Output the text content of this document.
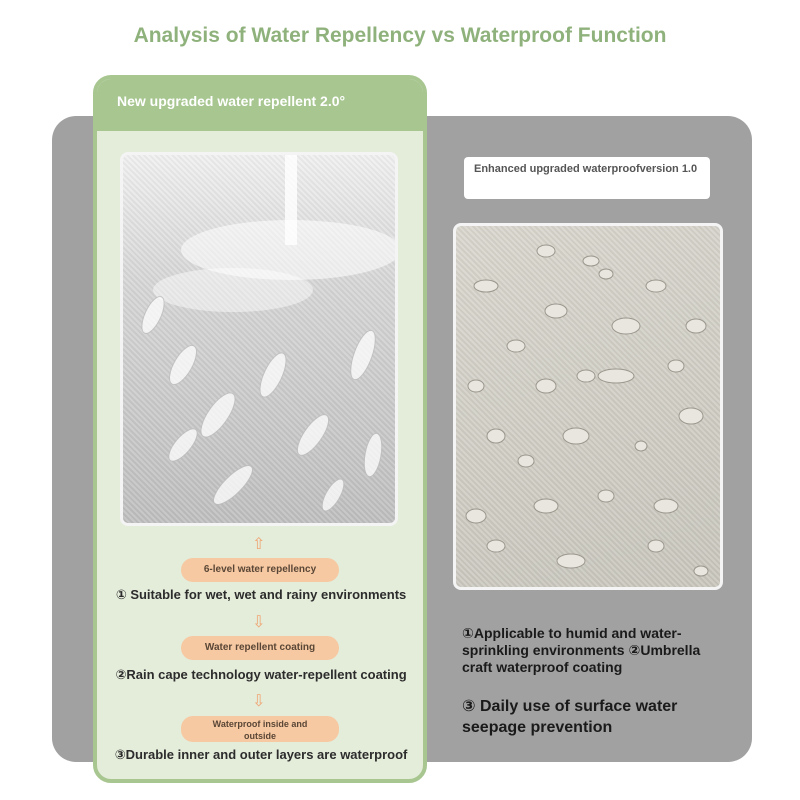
Analysis of Water Repellency vs Waterproof Function
New upgraded water repellent 2.0°
Enhanced upgraded waterproofversion 1.0
⇧
6-level water repellency
① Suitable for wet, wet and rainy environments
⇩
Water repellent coating
②Rain cape technology water-repellent coating
⇩
Waterproof inside and outside
③Durable inner and outer layers are waterproof
①Applicable to humid and water-sprinkling environments ②Umbrella craft waterproof coating
③ Daily use of surface water seepage prevention
